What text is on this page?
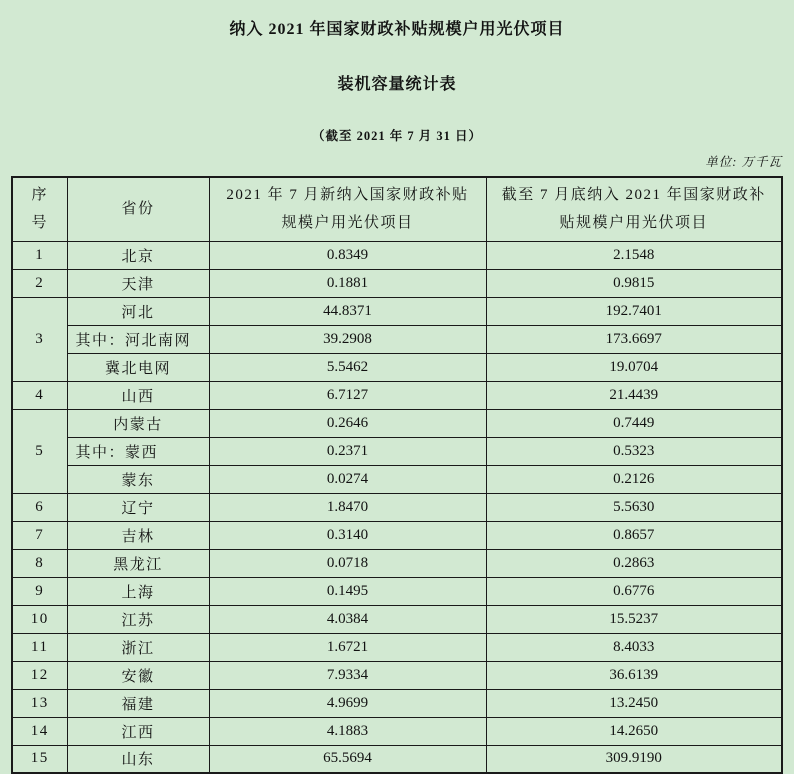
纳入 2021 年国家财政补贴规模户用光伏项目
装机容量统计表
（截至 2021 年 7 月 31 日）
单位: 万千瓦
序号	省份	2021 年 7 月新纳入国家财政补贴规模户用光伏项目	截至 7 月底纳入 2021 年国家财政补贴规模户用光伏项目
1	北京	0.8349	2.1548
2	天津	0.1881	0.9815
3	河北	44.8371	192.7401
	其中：河北南网	39.2908	173.6697
	冀北电网	5.5462	19.0704
4	山西	6.7127	21.4439
5	内蒙古	0.2646	0.7449
	其中：蒙西	0.2371	0.5323
	蒙东	0.0274	0.2126
6	辽宁	1.8470	5.5630
7	吉林	0.3140	0.8657
8	黑龙江	0.0718	0.2863
9	上海	0.1495	0.6776
10	江苏	4.0384	15.5237
11	浙江	1.6721	8.4033
12	安徽	7.9334	36.6139
13	福建	4.9699	13.2450
14	江西	4.1883	14.2650
15	山东	65.5694	309.9190
